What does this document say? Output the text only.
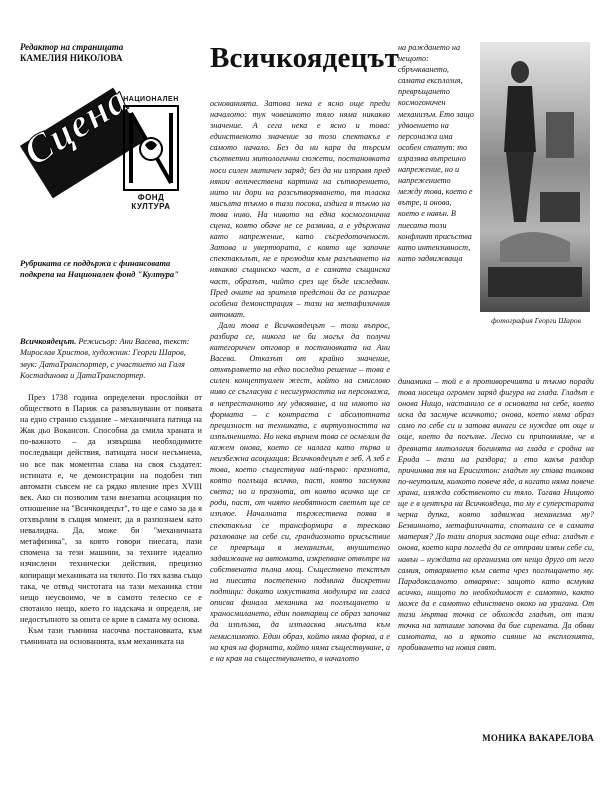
Редактор на страницата
КАМЕЛИЯ НИКОЛОВА
Сцена
НАЦИОНАЛЕН
ФОНД
КУЛТУРА
Рубриката се поддържа с финансовата подкрепа на Национален фонд "Култура"
Всичкоядецът. Режисьор: Ани Васева, текст: Мирослав Христов, художник: Георги Шаров, звук: ДатаТранспортер, с участието на Галя Костадинова и ДатаТранспортер.

През 1738 година определени прослойки от обществото в Париж са развълнувани от появата на едно странно създание – механичната патица на Жак дьо Вокансон. Способна да смила храната и по-важното – да извършва необходимите последващи действия, патицата носи несъмнена, но все пак моментна слава на своя създател: истината е, че демонстрации на подобен тип автомати съвсем не са рядко явление през XVIII век. Ако си позволим тази внезапна асоциация по отношение на "Всичкоядецът", то ще е само за да я отхвърлим в същия момент, да я разпознаем като невалидна. Да, може би "механичната метафизика", за която говори пиесата, пази спомена за тези машини, за техните идеално изчислени технически действия, прецизно копиращи механиката на тялото. По тях казва също така, че отвъд чистотата на тази механика стои нещо неусвоимо, че в самото телесно се е спотаило нещо, което го надскача и определя, не недостъпното за опита се крие в самата му основа.

Към тази тъмнина насочва постановката, към тъмнината на основанията, към механиката на

Всичкоядецът

основанията. Затова нека е ясно още преди началото: тук човешкото тяло няма никакво значение. А сега нека е ясно и това: единственото значение за този спектакъл е самото начало. Без да ни кара да търсим съответни митологични сюжети, постановката носи силен митичен заряд; без да ни изправя пред някои величествена картина на сътворението, нито ни дори на разсътворяването, тя тласка мисълта тъкмо в тази посока, издига я тъкмо на това ниво. На нивото на една космогонична сцена, която обаче не се развива, а е удържана като напрежение, като съсредоточеност. Затова и увертюрата, с която ще започне спектакълът, не е прелюдия към разгъването на някакво същинско част, а е самата същинска част, образът, чийто срез ще бъде изследван. Пред очите на зрителя предстои да се разиграе особена демонстрация – тази на метафизичния автомат.

Дали това е Всичкоядецът – този въпрос, разбира се, никога не би могъл да получи категоричен отговор в постановката на Ани Васева. Отказът от крайно значение, отхвърлянето на едно последно решение – това е силен концептуален жест, който на смислово ниво се съгласува с несигурността на персонажа, в непрестанното му удвояване, а на нивото на формата – с контраста с абсолютната прецизност на техниката, с виртуозността на изпълнението. Но нека върнем това се осмелим да кажем онова, което се налага като първа и неизбежна асоциация: Всичкоядецът е зеб. А зеб е това, което съществува най-първо: празнота, която поглъща всичко, паст, която засмуква света; но и празнота, от която всичко ще се роди, паст, от чиято необятност светът ще се изплюе. Началната тържествена поява в спектакъла се трансформира в трескаво разлюване на себе си, грандиозното присъствие се превръща в механизъм, внушително задвижване на автомата, изкрепване отвътре на собствената пълна мощ. Съществено текстът на пиесата постепенно подмина дискретни подтици: докато изкуствата модулира на гласа описва финала механика на поглъщането и храносмилането, един повтарящ се образ започва да изплъзва, да изтласква мисълта към немислимото. Един образ, който няма форма, а е на края на формата, който няма съществуване, а е на края на съществуването, в началото

на раждането на нещото: сбръчкването, самата експлозия, превръщането космогоничен механизъм. Ето защо удвоението на персонажа има особен статут: то изразява вътрешно напрежение, но и напрежението между това, което е вътре, и онова, което е навън. В пиесата този конфликт присъства като интензивност, като задвижваща
фотография Георги Шаров
динамика – той е в противоречията и тъкмо поради това носеща огромен заряд фигура на глада. Гладът е онова Нищо, настанило се в основата на себе, което иска да засмуче всичкото; онова, което няма образ само по себе си и затова винаги се нуждае от още и още, което да погълне. Лесно си припомняме, че в древната митология богинята на глада е сродна на Ерида – тази на раздора; и ето какъв раздор причинява тя на Ерисихтон: гладът му става толкова по-неутолим, колкото повече яде, а когато няма повече храна, изяжда собственото си тяло. Тогава Нищото ще е в центъра на Всичкоядеца, то му е суперстарата черна дупка, която задвижва механизма му? Безвинното, метафизичната, спотаила се в самата материя? До тази апория застава още една: гладът е онова, което кара погледа да се отправи извън себе си, навън – нуждата на организма от нещо друго от него самия, отварянето към света чрез поглъщането му. Парадоксалното отваряне: защото като всмуква всичко, нищото по необходимост е самотно, както може да е самотно единствено ококо на урагана. От тази мъртва точка се обхожда гладът, от тази точка на затишие започва да бие сирената. Да обяви самотата, но и яркото сияние на експлозията, пробиването на новия свят.
МОНИКА ВАКАРЕЛОВА
